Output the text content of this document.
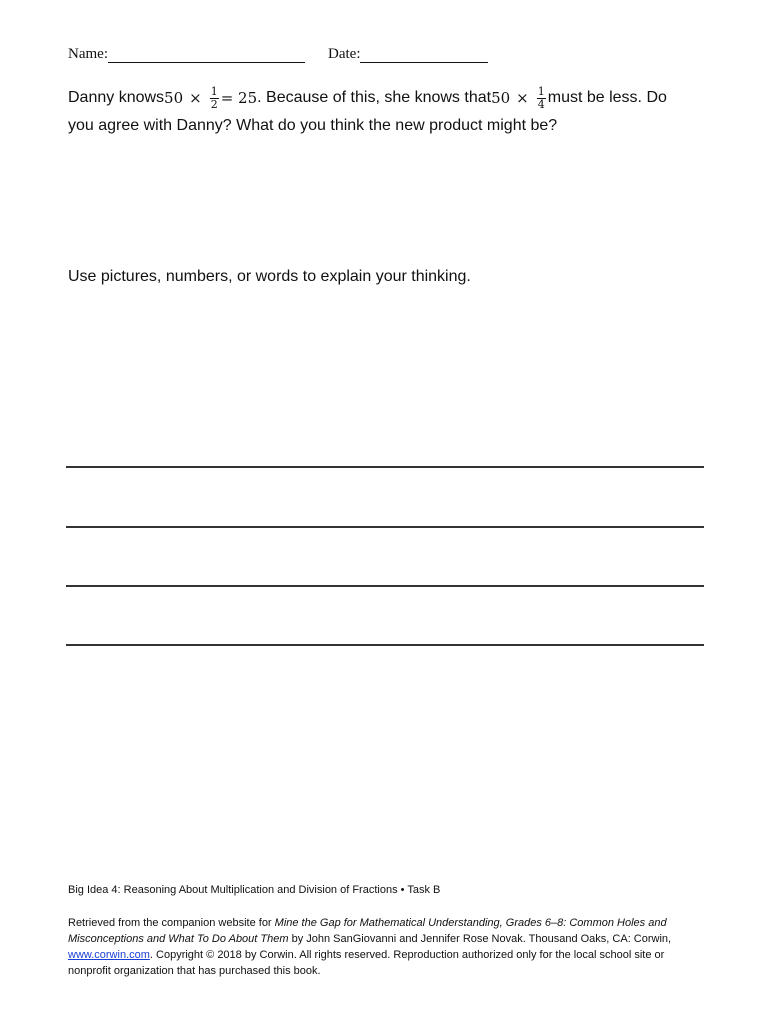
Name:	Date:
Danny knows $50 \times \frac{1}{2} = 25$ . Because of this, she knows that $50 \times \frac{1}{4}$ must be less. Do
you agree with Danny? What do you think the new product might be?
Use pictures, numbers, or words to explain your thinking.
Big Idea 4: Reasoning About Multiplication and Division of Fractions • Task B
Retrieved from the companion website for Mine the Gap for Mathematical Understanding, Grades 6–8: Common Holes and Misconceptions and What To Do About Them by John SanGiovanni and Jennifer Rose Novak. Thousand Oaks, CA: Corwin, www.corwin.com. Copyright © 2018 by Corwin. All rights reserved. Reproduction authorized only for the local school site or nonprofit organization that has purchased this book.
